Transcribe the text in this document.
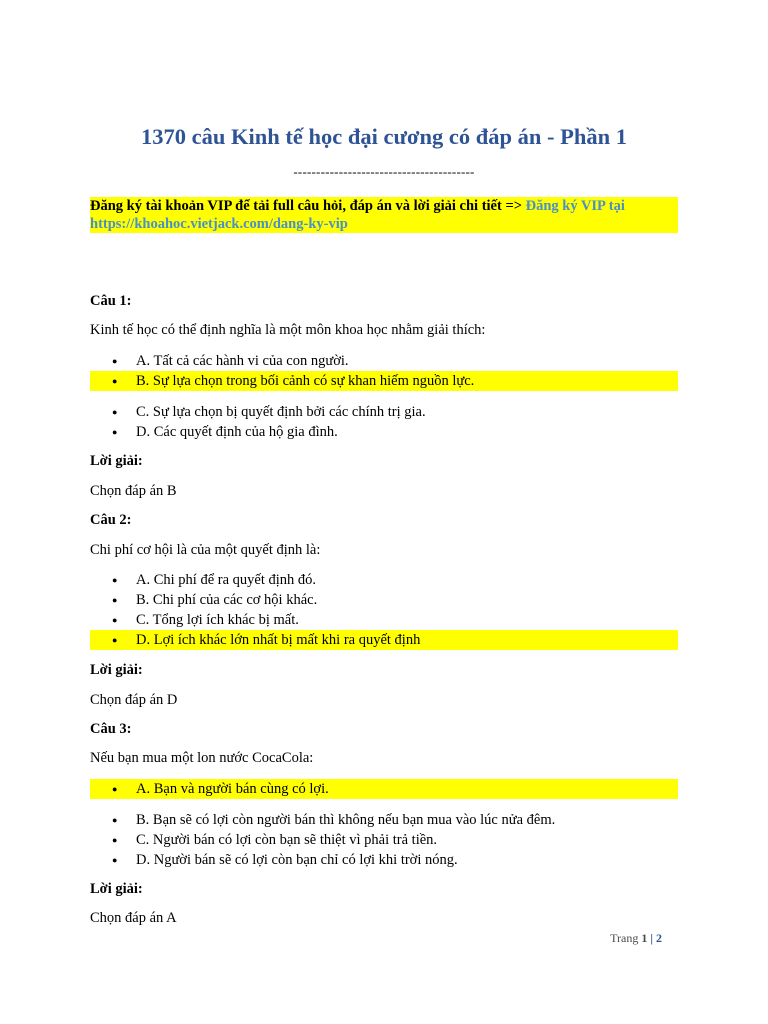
1370 câu Kinh tế học đại cương có đáp án - Phần 1
----------------------------------------
Đăng ký tài khoản VIP để tải full câu hỏi, đáp án và lời giải chi tiết => Đăng ký VIP tại
https://khoahoc.vietjack.com/dang-ky-vip
Câu 1:
Kinh tế học có thể định nghĩa là một môn khoa học nhằm giải thích:
● A. Tất cả các hành vi của con người.
● B. Sự lựa chọn trong bối cảnh có sự khan hiếm nguồn lực.
● C. Sự lựa chọn bị quyết định bởi các chính trị gia.
● D. Các quyết định của hộ gia đình.
Lời giải:
Chọn đáp án B
Câu 2:
Chi phí cơ hội là của một quyết định là:
● A. Chi phí để ra quyết định đó.
● B. Chi phí của các cơ hội khác.
● C. Tổng lợi ích khác bị mất.
● D. Lợi ích khác lớn nhất bị mất khi ra quyết định
Lời giải:
Chọn đáp án D
Câu 3:
Nếu bạn mua một lon nước CocaCola:
● A. Bạn và người bán cùng có lợi.
● B. Bạn sẽ có lợi còn người bán thì không nếu bạn mua vào lúc nửa đêm.
● C. Người bán có lợi còn bạn sẽ thiệt vì phải trả tiền.
● D. Người bán sẽ có lợi còn bạn chỉ có lợi khi trời nóng.
Lời giải:
Chọn đáp án A
Trang 1 | 2
